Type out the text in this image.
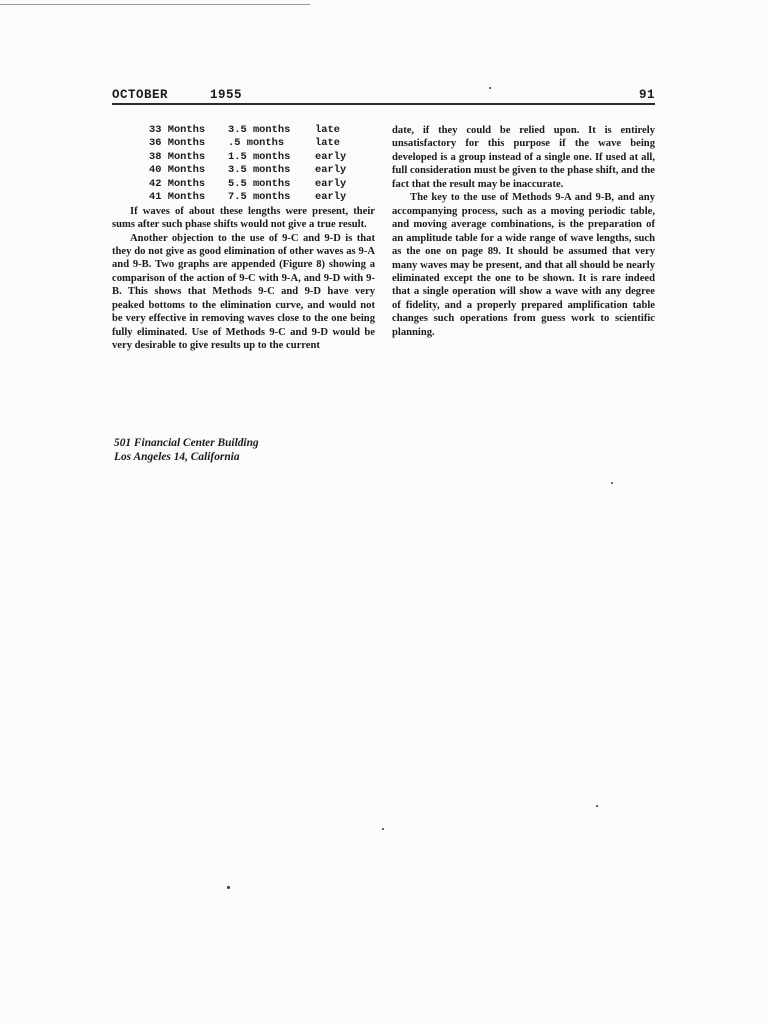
OCTOBER	1955	91
33 Months 3.5 months late
36 Months .5 months	late
38 Months 1.5 months early
40 Months 3.5 months early
42 Months 5.5 months early
41 Months 7.5 months early

If waves of about these lengths were present, their sums after such phase shifts would not give a true result.

Another objection to the use of 9-C and 9-D is that they do not give as good elimination of other waves as 9-A and 9-B. Two graphs are appended (Figure 8) showing a comparison of the action of 9-C with 9-A, and 9-D with 9-B. This shows that Methods 9-C and 9-D have very peaked bottoms to the elimination curve, and would not be very effective in removing waves close to the one being fully eliminated. Use of Methods 9-C and 9-D would be very desirable to give results up to the current

date, if they could be relied upon. It is entirely unsatisfactory for this purpose if the wave being developed is a group instead of a single one. If used at all, full consideration must be given to the phase shift, and the fact that the result may be inaccurate.

The key to the use of Methods 9-A and 9-B, and any accompanying process, such as a moving periodic table, and moving average combinations, is the preparation of an amplitude table for a wide range of wave lengths, such as the one on page 89. It should be assumed that very many waves may be present, and that all should be nearly eliminated except the one to be shown. It is rare indeed that a single operation will show a wave with any degree of fidelity, and a properly prepared amplification table changes such operations from guess work to scientific planning.

501 Financial Center Building
Los Angeles 14, California
